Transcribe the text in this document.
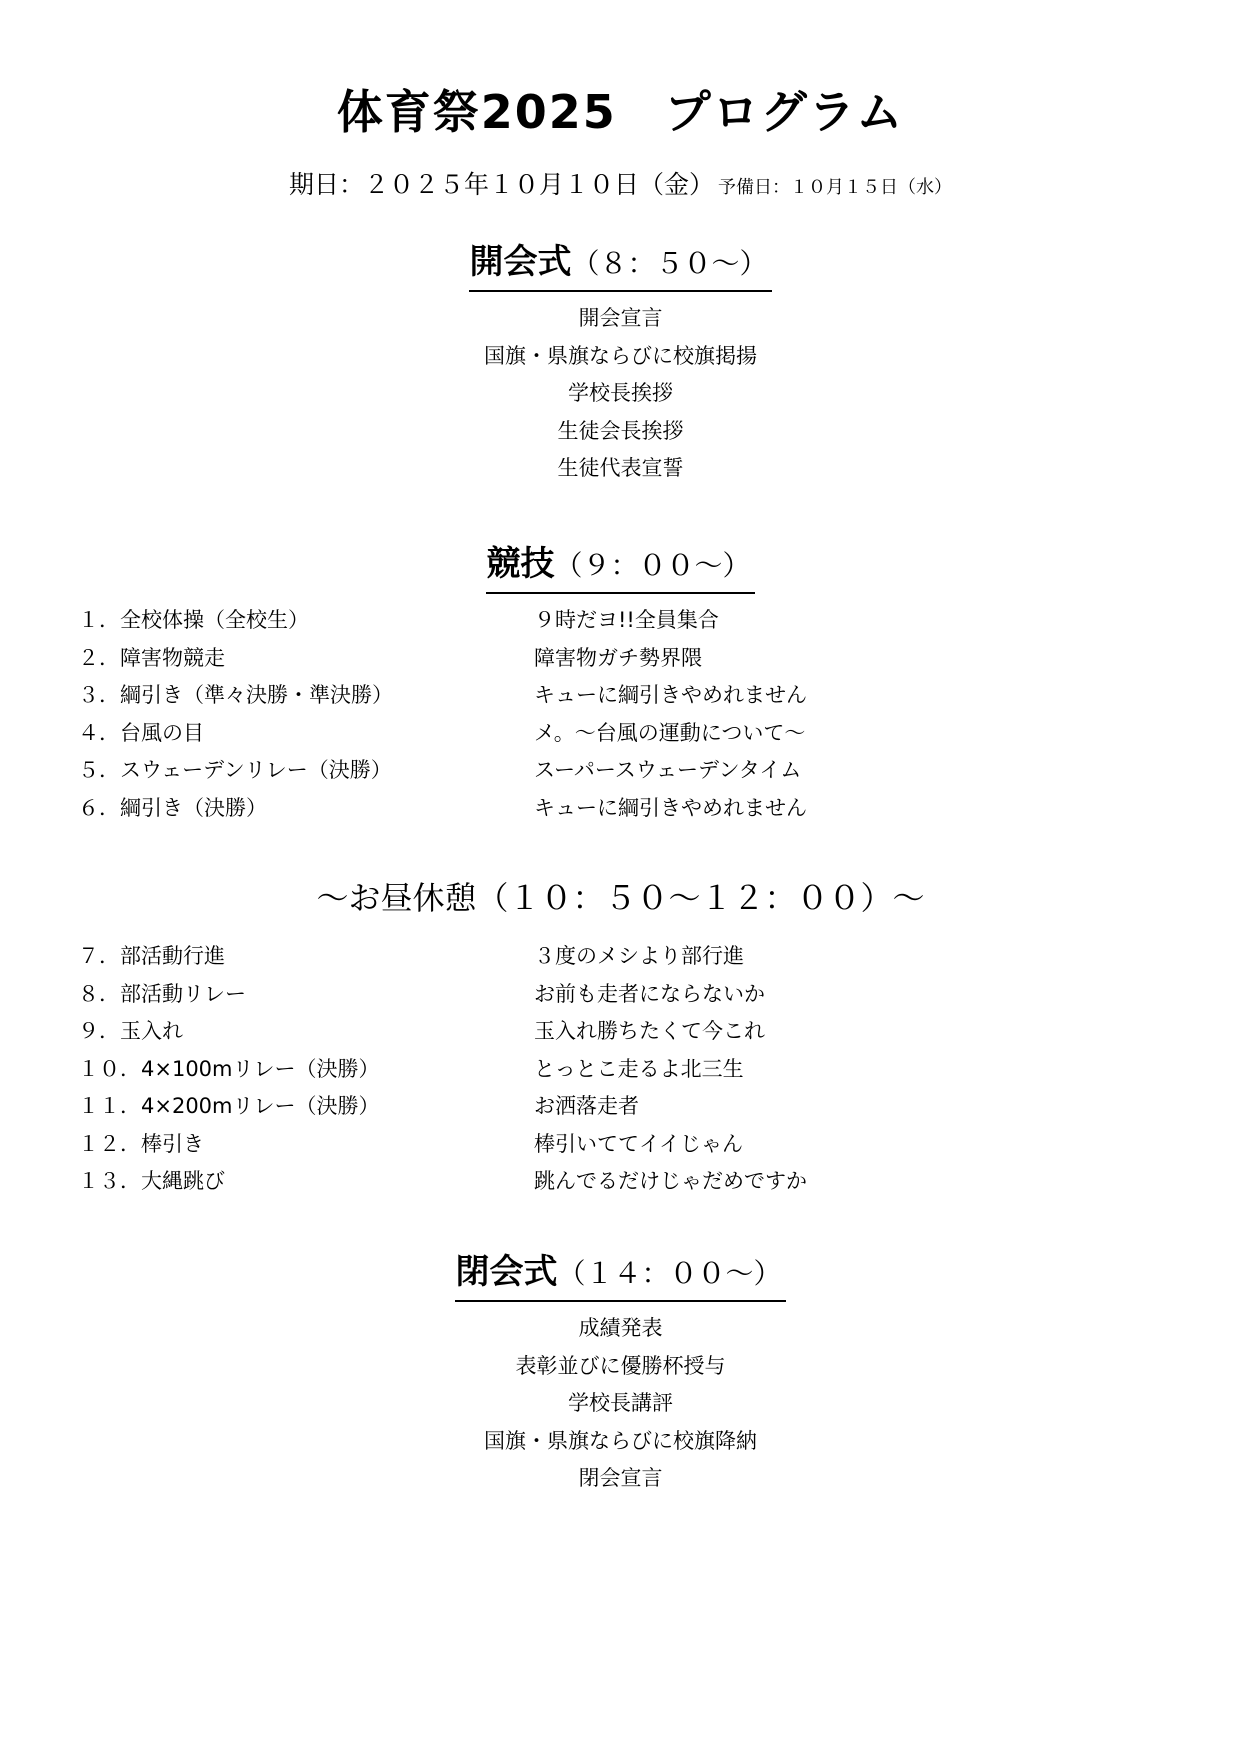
体育祭2025　プログラム
期日：２０２５年１０月１０日（金） 予備日：１０月１５日（水）
開会式（８：５０～）
開会宣言
国旗・県旗ならびに校旗掲揚
学校長挨拶
生徒会長挨拶
生徒代表宣誓
競技（９：００～）
１．全校体操（全校生）	９時だヨ!!全員集合
２．障害物競走	障害物ガチ勢界隈
３．綱引き（準々決勝・準決勝）	キューに綱引きやめれません
４．台風の目	メ。～台風の運動について～
５．スウェーデンリレー（決勝）	スーパースウェーデンタイム
６．綱引き（決勝）	キューに綱引きやめれません
～お昼休憩（１０：５０～１２：００）～
７．部活動行進	３度のメシより部行進
８．部活動リレー	お前も走者にならないか
９．玉入れ	玉入れ勝ちたくて今これ
１０．4×100mリレー（決勝）	とっとこ走るよ北三生
１１．4×200mリレー（決勝）	お洒落走者
１２．棒引き	棒引いててイイじゃん
１３．大縄跳び	跳んでるだけじゃだめですか
閉会式（１４：００～）
成績発表
表彰並びに優勝杯授与
学校長講評
国旗・県旗ならびに校旗降納
閉会宣言
